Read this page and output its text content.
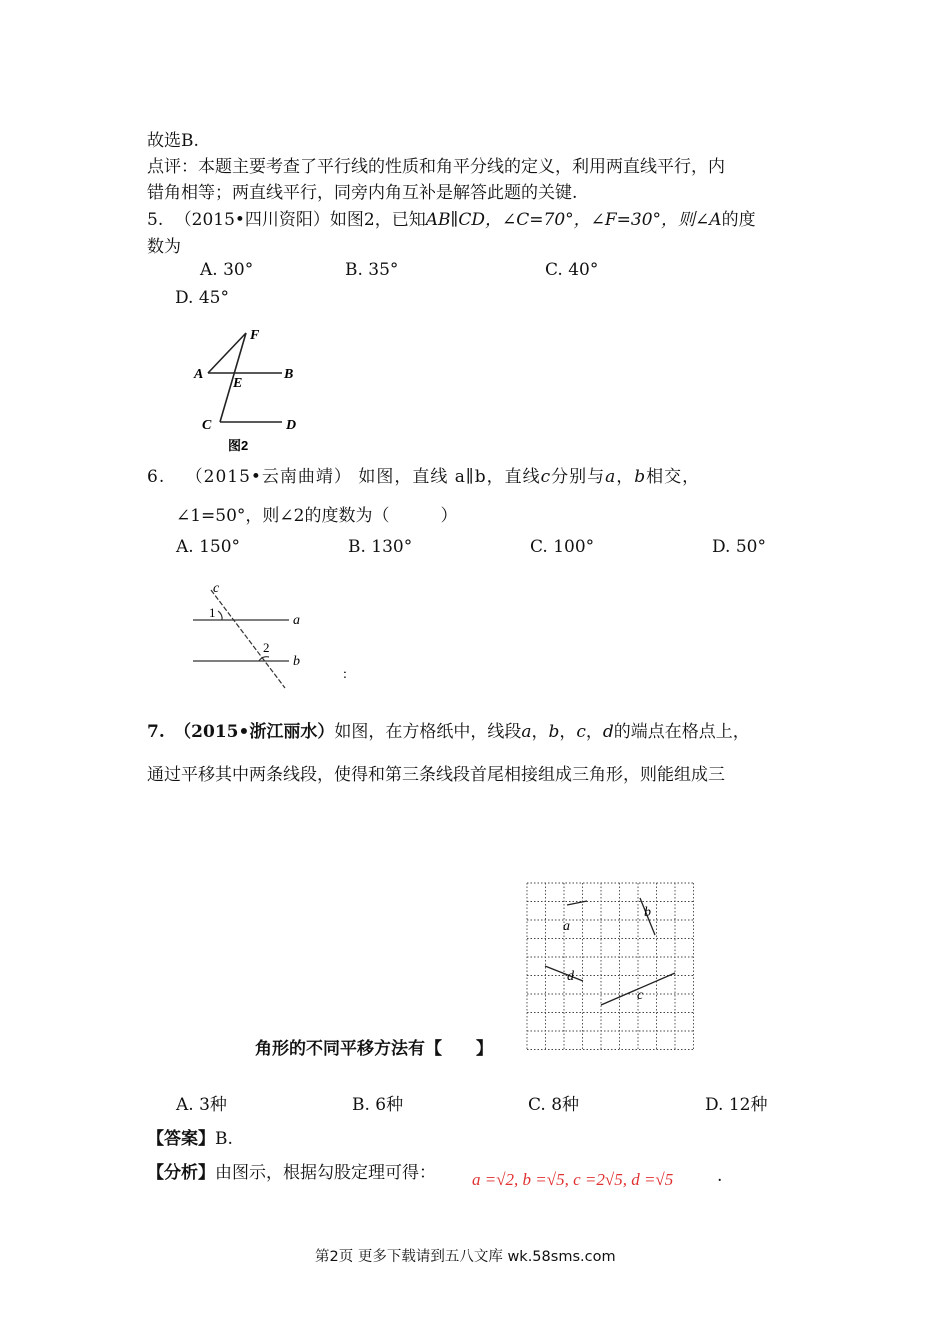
故选B.
点评：本题主要考查了平行线的性质和角平分线的定义，利用两直线平行，内
错角相等；两直线平行，同旁内角互补是解答此题的关键.
5. （2015•四川资阳）如图2，已知AB∥CD，∠C=70°，∠F=30°，则∠A的度
数为
A. 30°	B. 35°	C. 40°
D. 45°
F
A
E
B
C	D
图2
6. （2015•云南曲靖） 如图，直线 a∥b，直线c分别与a，b相交，
∠1=50°，则∠2的度数为（　　　）
A. 150°	B. 130°	C. 100°	D. 50°
c
1
a
2
b
:
7. （2015•浙江丽水）如图，在方格纸中，线段a，b，c，d的端点在格点上，
通过平移其中两条线段，使得和第三条线段首尾相接组成三角形，则能组成三
a
b
d
c
角形的不同平移方法有【　　】
A. 3种	B. 6种	C. 8种	D. 12种
【答案】B.
【分析】由图示，根据勾股定理可得： a =√2, b =√5, c =2√5, d =√5	.
第2页 更多下载请到五八文库 wk.58sms.com
